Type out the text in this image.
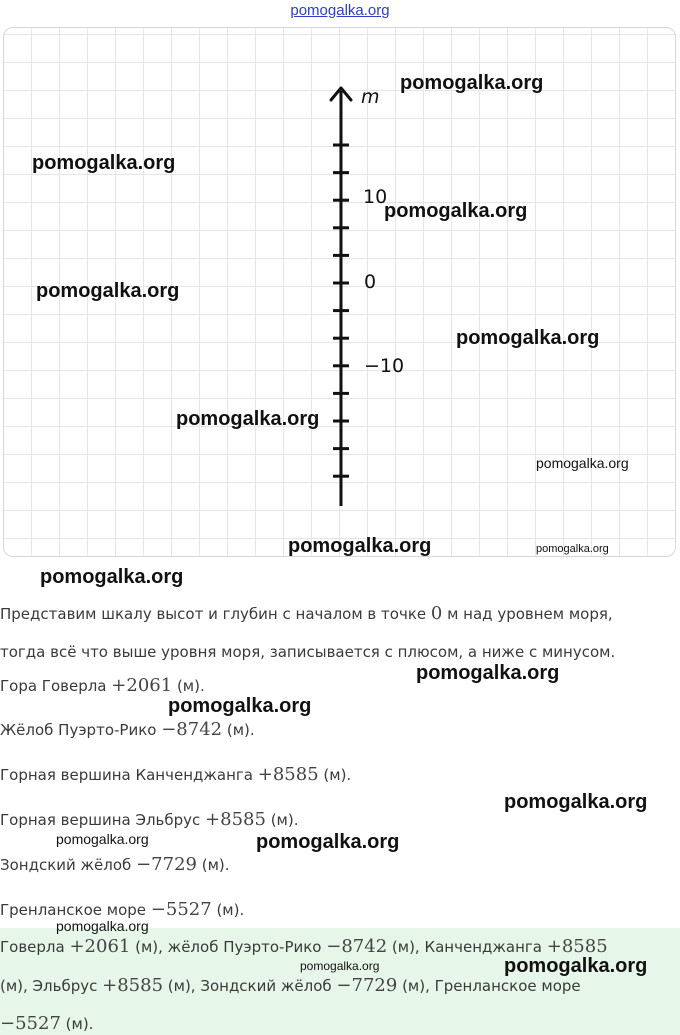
pomogalka.org
m
10
0
−10
pomogalka.org
pomogalka.org
pomogalka.org
pomogalka.org
pomogalka.org
pomogalka.org
pomogalka.org
pomogalka.org	pomogalka.org
pomogalka.org
Представим шкалу высот и глубин с началом в точке 0 м над уровнем моря,
тогда всё что выше уровня моря, записывается с плюсом, а ниже с минусом.
Гора Говерла +2061 (м).
pomogalka.org
pomogalka.org
Жёлоб Пуэрто-Рико −8742 (м).
Горная вершина Канченджанга +8585 (м).
pomogalka.org
Горная вершина Эльбрус +8585 (м).
pomogalka.org	pomogalka.org
Зондский жёлоб −7729 (м).
Гренланское море −5527 (м).
pomogalka.org
Говерла +2061 (м), жёлоб Пуэрто-Рико −8742 (м), Канченджанга +8585
pomogalka.org	pomogalka.org
(м), Эльбрус +8585 (м), Зондский жёлоб −7729 (м), Гренланское море
−5527 (м).
